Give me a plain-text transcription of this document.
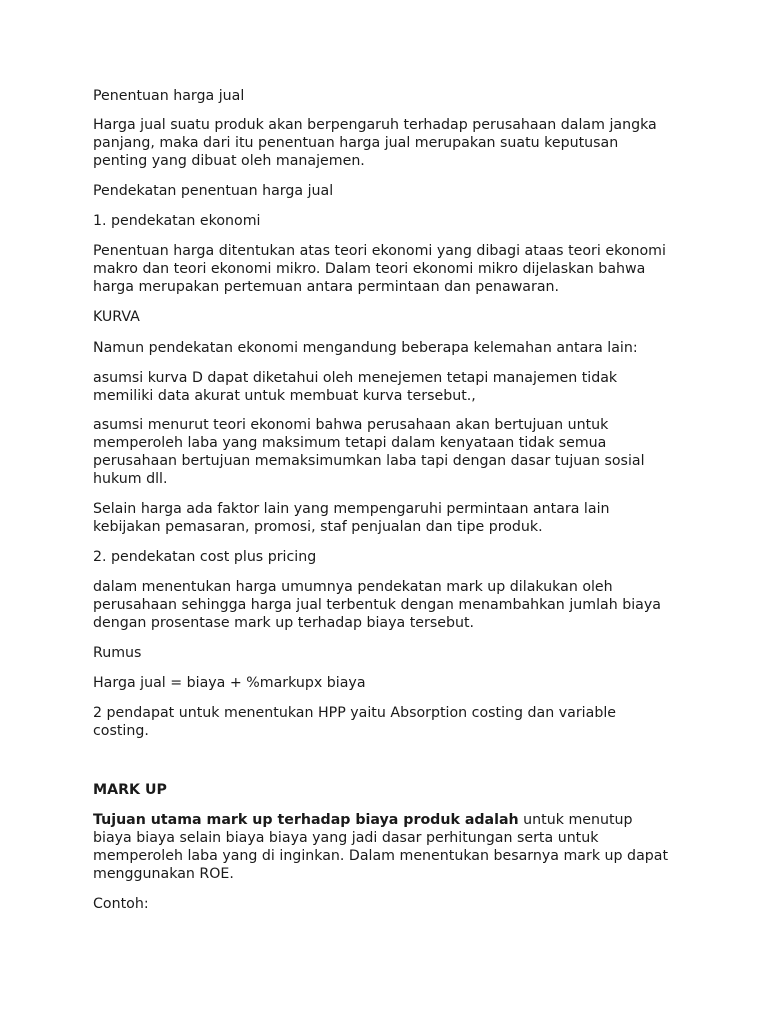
Penentuan harga jual

Harga jual suatu produk akan berpengaruh terhadap perusahaan dalam jangka
panjang, maka dari itu penentuan harga jual merupakan suatu keputusan
penting yang dibuat oleh manajemen.

Pendekatan penentuan harga jual

1. pendekatan ekonomi

Penentuan harga ditentukan atas teori ekonomi yang dibagi ataas teori ekonomi
makro dan teori ekonomi mikro. Dalam teori ekonomi mikro dijelaskan bahwa
harga merupakan pertemuan antara permintaan dan penawaran.

KURVA

Namun pendekatan ekonomi mengandung beberapa kelemahan antara lain:

asumsi kurva D dapat diketahui oleh menejemen tetapi manajemen tidak
memiliki data akurat untuk membuat kurva tersebut.,

asumsi menurut teori ekonomi bahwa perusahaan akan bertujuan untuk
memperoleh laba yang maksimum tetapi dalam kenyataan tidak semua
perusahaan bertujuan memaksimumkan laba tapi dengan dasar tujuan sosial
hukum dll.

Selain harga ada faktor lain yang mempengaruhi permintaan antara lain
kebijakan pemasaran, promosi, staf penjualan dan tipe produk.

2. pendekatan cost plus pricing

dalam menentukan harga umumnya pendekatan mark up dilakukan oleh
perusahaan sehingga harga jual terbentuk dengan menambahkan jumlah biaya
dengan prosentase mark up terhadap biaya tersebut.

Rumus

Harga jual = biaya + %markupx biaya

2 pendapat untuk menentukan HPP yaitu Absorption costing dan variable
costing.

MARK UP

Tujuan utama mark up terhadap biaya produk adalah untuk menutup
biaya biaya selain biaya biaya yang jadi dasar perhitungan serta untuk
memperoleh laba yang di inginkan. Dalam menentukan besarnya mark up dapat
menggunakan ROE.

Contoh:
